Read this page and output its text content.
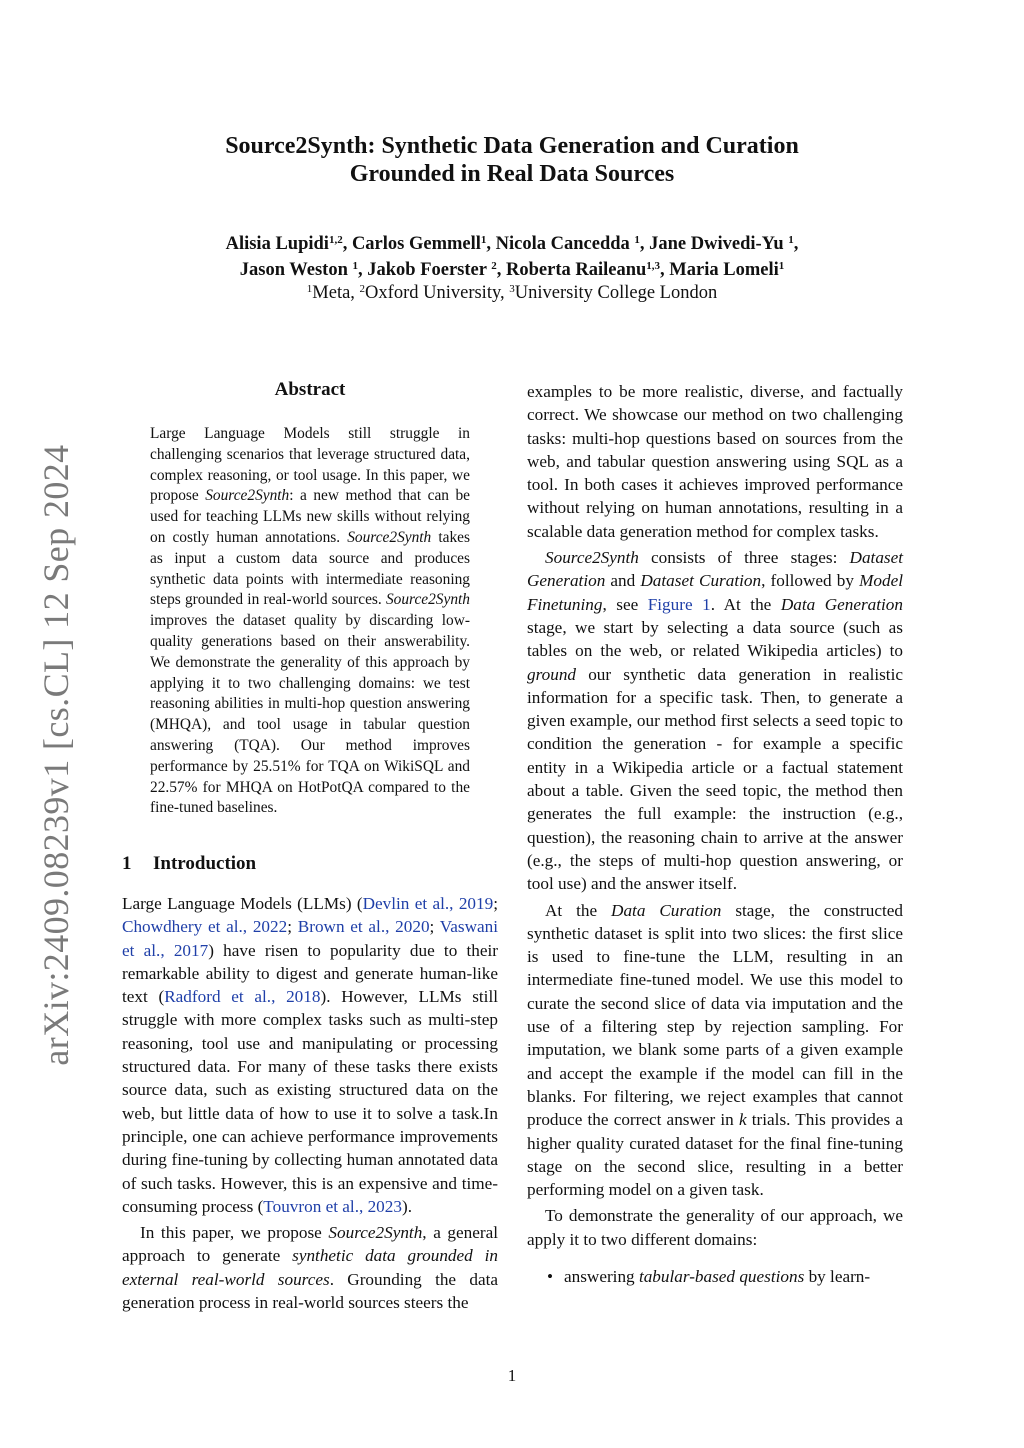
arXiv:2409.08239v1 [cs.CL] 12 Sep 2024
Source2Synth: Synthetic Data Generation and Curation
Grounded in Real Data Sources
Alisia Lupidi$^{1,2}$, Carlos Gemmell$^1$, Nicola Cancedda $^1$, Jane Dwivedi-Yu $^1$,
Jason Weston $^1$, Jakob Foerster $^2$, Roberta Raileanu$^{1,3}$, Maria Lomeli$^1$
$^1$Meta, $^2$Oxford University, $^3$University College London
Abstract

Large Language Models still struggle in challenging scenarios that leverage structured data, complex reasoning, or tool usage. In this paper, we propose Source2Synth: a new method that can be used for teaching LLMs new skills without relying on costly human annotations. Source2Synth takes as input a custom data source and produces synthetic data points with intermediate reasoning steps grounded in real-world sources. Source2Synth improves the dataset quality by discarding low-quality generations based on their answerability. We demonstrate the generality of this approach by applying it to two challenging domains: we test reasoning abilities in multi-hop question answering (MHQA), and tool usage in tabular question answering (TQA). Our method improves performance by 25.51% for TQA on WikiSQL and 22.57% for MHQA on HotPotQA compared to the fine-tuned baselines.

1 Introduction

Large Language Models (LLMs) (Devlin et al., 2019; Chowdhery et al., 2022; Brown et al., 2020; Vaswani et al., 2017) have risen to popularity due to their remarkable ability to digest and generate human-like text (Radford et al., 2018). However, LLMs still struggle with more complex tasks such as multi-step reasoning, tool use and manipulating or processing structured data. For many of these tasks there exists source data, such as existing structured data on the web, but little data of how to use it to solve a task.In principle, one can achieve performance improvements during fine-tuning by collecting human annotated data of such tasks. However, this is an expensive and time-consuming process (Touvron et al., 2023).

In this paper, we propose Source2Synth, a general approach to generate synthetic data grounded in external real-world sources. Grounding the data generation process in real-world sources steers the

examples to be more realistic, diverse, and factually correct. We showcase our method on two challenging tasks: multi-hop questions based on sources from the web, and tabular question answering using SQL as a tool. In both cases it achieves improved performance without relying on human annotations, resulting in a scalable data generation method for complex tasks.

Source2Synth consists of three stages: Dataset Generation and Dataset Curation, followed by Model Finetuning, see Figure 1. At the Data Generation stage, we start by selecting a data source (such as tables on the web, or related Wikipedia articles) to ground our synthetic data generation in realistic information for a specific task. Then, to generate a given example, our method first selects a seed topic to condition the generation - for example a specific entity in a Wikipedia article or a factual statement about a table. Given the seed topic, the method then generates the full example: the instruction (e.g., question), the reasoning chain to arrive at the answer (e.g., the steps of multi-hop question answering, or tool use) and the answer itself.

At the Data Curation stage, the constructed synthetic dataset is split into two slices: the first slice is used to fine-tune the LLM, resulting in an intermediate fine-tuned model. We use this model to curate the second slice of data via imputation and the use of a filtering step by rejection sampling. For imputation, we blank some parts of a given example and accept the example if the model can fill in the blanks. For filtering, we reject examples that cannot produce the correct answer in k trials. This provides a higher quality curated dataset for the final fine-tuning stage on the second slice, resulting in a better performing model on a given task.

To demonstrate the generality of our approach, we apply it to two different domains:

• answering tabular-based questions by learn-
1
